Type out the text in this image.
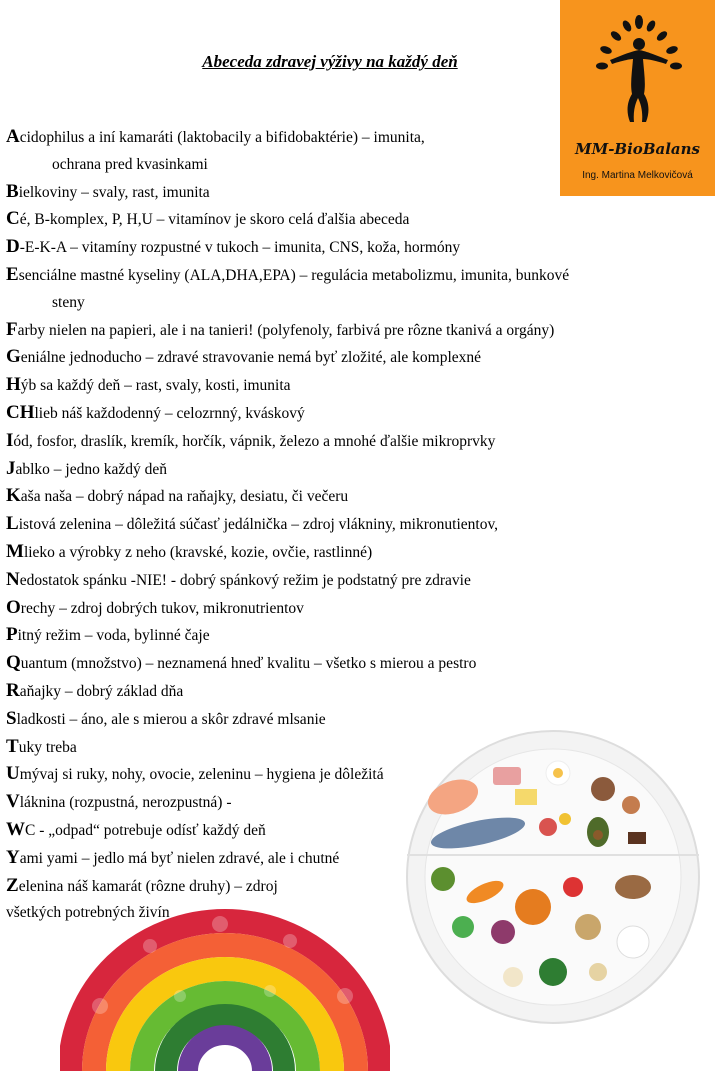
Abeceda zdravej výživy na každý deň
MM-BioBalans
Ing. Martina Melkovičová

Acidophilus a iní kamaráti (laktobacily a bifidobaktérie) – imunita,
ochrana pred kvasinkami

Bielkoviny – svaly, rast, imunita

Cé, B-komplex, P, H,U – vitamínov je skoro celá ďalšia abeceda

D-E-K-A – vitamíny rozpustné v tukoch – imunita, CNS, koža, hormóny

Esenciálne mastné kyseliny (ALA,DHA,EPA) – regulácia metabolizmu, imunita, bunkové
steny

Farby nielen na papieri, ale i na tanieri! (polyfenoly, farbivá pre rôzne tkanivá a orgány)

Geniálne jednoducho – zdravé stravovanie nemá byť zložité, ale komplexné

Hýb sa každý deň – rast, svaly, kosti, imunita

CHlieb náš každodenný – celozrnný, kváskový

Iód, fosfor, draslík, kremík, horčík, vápnik, železo a mnohé ďalšie mikroprvky

Jablko – jedno každý deň

Kaša naša – dobrý nápad na raňajky, desiatu, či večeru

Listová zelenina – dôležitá súčasť jedálnička – zdroj vlákniny, mikronutientov,

Mlieko a výrobky z neho (kravské, kozie, ovčie, rastlinné)

Nedostatok spánku -NIE! - dobrý spánkový režim je podstatný pre zdravie

Orechy – zdroj dobrých tukov, mikronutrientov

Pitný režim – voda, bylinné čaje

Quantum (množstvo) – neznamená hneď kvalitu – všetko s mierou a pestro

Raňajky – dobrý základ dňa

Sladkosti – áno, ale s mierou a skôr zdravé mlsanie

Tuky treba

Umývaj si ruky, nohy, ovocie, zeleninu – hygiena je dôležitá

Vláknina (rozpustná, nerozpustná) -

WC - „odpad“ potrebuje odísť každý deň

Yami yami – jedlo má byť nielen zdravé, ale i chutné

Zelenina náš kamarát (rôzne druhy) – zdroj
všetkých potrebných živín
